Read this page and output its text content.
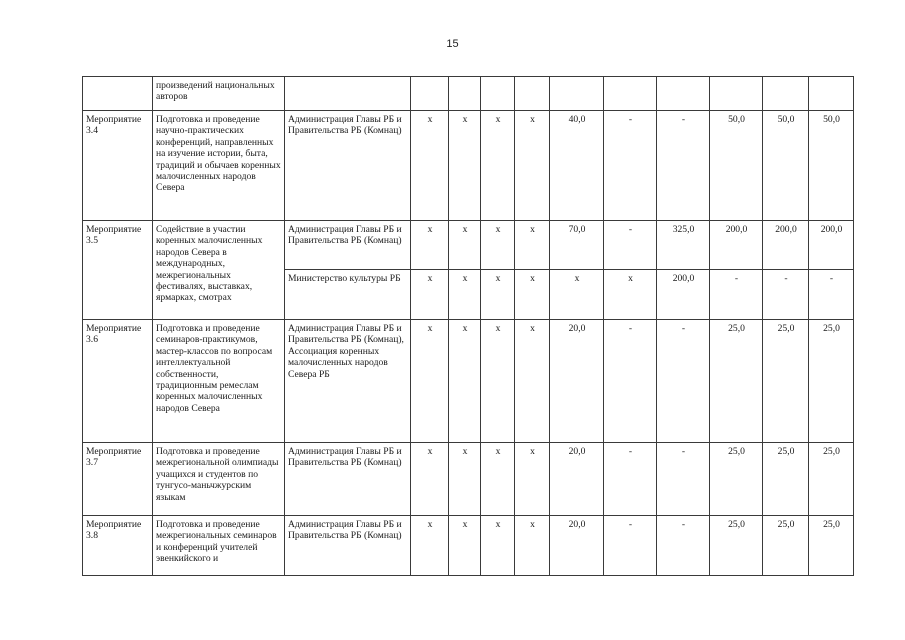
15
	произведений национальных авторов											
Мероприятие 3.4	Подготовка и проведение научно-практических конференций, направленных на изучение истории, быта, традиций и обычаев коренных малочисленных народов Севера	Администрация Главы РБ и Правительства РБ (Комнац)	х	х	х	х	40,0	-	-	50,0	50,0	50,0
Мероприятие 3.5	Содействие в участии коренных малочисленных народов Севера в международных, межрегиональных фестивалях, выставках, ярмарках, смотрах	Администрация Главы РБ и Правительства РБ (Комнац)	х	х	х	х	70,0	-	325,0	200,0	200,0	200,0
		Министерство культуры РБ	х	х	х	х	х	х	200,0	-	-	-
Мероприятие 3.6	Подготовка и проведение семинаров-практикумов, мастер-классов по вопросам интеллектуальной собственности, традиционным ремеслам коренных малочисленных народов Севера	Администрация Главы РБ и Правительства РБ (Комнац), Ассоциация коренных малочисленных народов Севера РБ	х	х	х	х	20,0	-	-	25,0	25,0	25,0
Мероприятие 3.7	Подготовка и проведение межрегиональной олимпиады учащихся и студентов по тунгусо-маньчжурским языкам	Администрация Главы РБ и Правительства РБ (Комнац)	х	х	х	х	20,0	-	-	25,0	25,0	25,0
Мероприятие 3.8	Подготовка и проведение межрегиональных семинаров и конференций учителей эвенкийского и	Администрация Главы РБ и Правительства РБ (Комнац)	х	х	х	х	20,0	-	-	25,0	25,0	25,0
